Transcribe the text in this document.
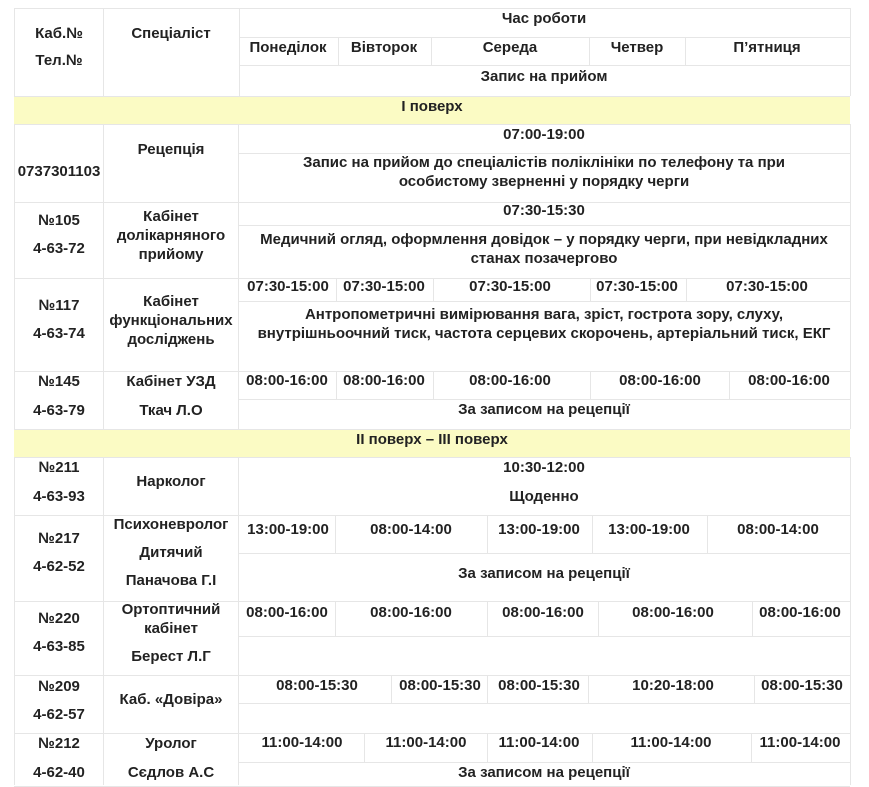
Каб.№
Тел.№
Спеціаліст
Час роботи
Понеділок Вівторок	Середа	Четвер	П’ятниця
Запис на прийом
І поверх
0737301103
Рецепція
07:00-19:00
Запис на прийом до спеціалістів поліклініки по телефону та при особистому зверненні у порядку черги
№105
4-63-72
Кабінет долікарняного прийому
07:30-15:30
Медичний огляд, оформлення довідок – у порядку черги, при невідкладних станах позачергово
№117
4-63-74
Кабінет функціональних досліджень
07:30-15:00 07:30-15:00	07:30-15:00	07:30-15:00	07:30-15:00
Антропометричні вимірювання вага, зріст, гострота зору, слуху, внутрішньоочний тиск, частота серцевих скорочень, артеріальний тиск, ЕКГ
№145
4-63-79
Кабінет УЗД
Ткач Л.О
08:00-16:00 08:00-16:00	08:00-16:00	08:00-16:00	08:00-16:00
За записом на рецепції
ІІ поверх – ІІІ поверх
№211
4-63-93
Нарколог
10:30-12:00
Щоденно
№217
4-62-52
Психоневролог
Дитячий
Паначова Г.І
13:00-19:00	08:00-14:00	13:00-19:00 13:00-19:00	08:00-14:00
За записом на рецепції
№220
4-63-85
Ортоптичний кабінет
Берест Л.Г
08:00-16:00	08:00-16:00	08:00-16:00	08:00-16:00	08:00-16:00
№209
4-62-57
Каб. «Довіра»
08:00-15:30	08:00-15:30 08:00-15:30	10:20-18:00	08:00-15:30
№212
4-62-40
Уролог
Сєдлов А.С
11:00-14:00	11:00-14:00 11:00-14:00	11:00-14:00	11:00-14:00
За записом на рецепції
